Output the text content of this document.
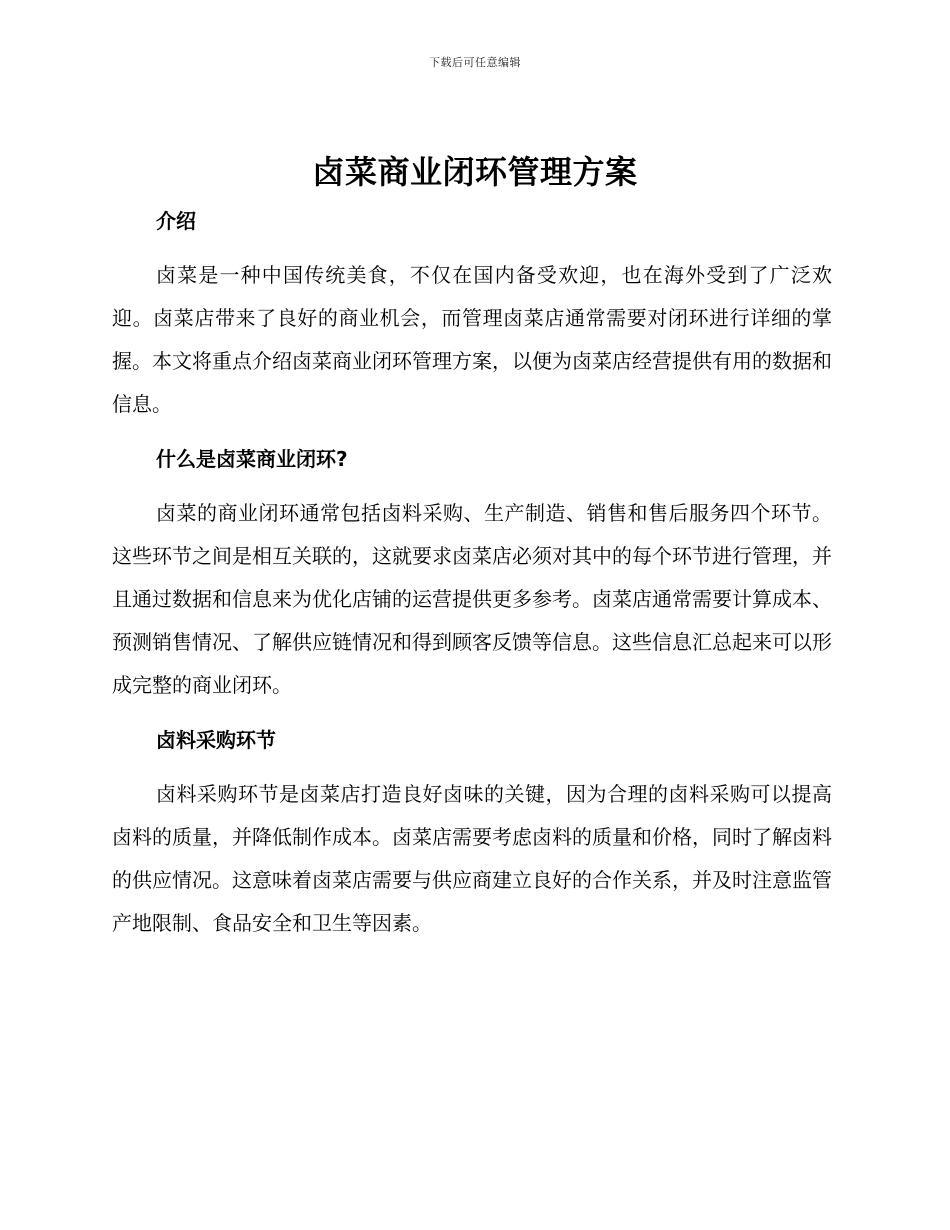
下载后可任意编辑
卤菜商业闭环管理方案
介绍

卤菜是一种中国传统美食，不仅在国内备受欢迎，也在海外受到了广泛欢迎。卤菜店带来了良好的商业机会，而管理卤菜店通常需要对闭环进行详细的掌握。本文将重点介绍卤菜商业闭环管理方案，以便为卤菜店经营提供有用的数据和信息。

什么是卤菜商业闭环?

卤菜的商业闭环通常包括卤料采购、生产制造、销售和售后服务四个环节。这些环节之间是相互关联的，这就要求卤菜店必须对其中的每个环节进行管理，并且通过数据和信息来为优化店铺的运营提供更多参考。卤菜店通常需要计算成本、预测销售情况、了解供应链情况和得到顾客反馈等信息。这些信息汇总起来可以形成完整的商业闭环。

卤料采购环节

卤料采购环节是卤菜店打造良好卤味的关键，因为合理的卤料采购可以提高卤料的质量，并降低制作成本。卤菜店需要考虑卤料的质量和价格，同时了解卤料的供应情况。这意味着卤菜店需要与供应商建立良好的合作关系，并及时注意监管产地限制、食品安全和卫生等因素。
